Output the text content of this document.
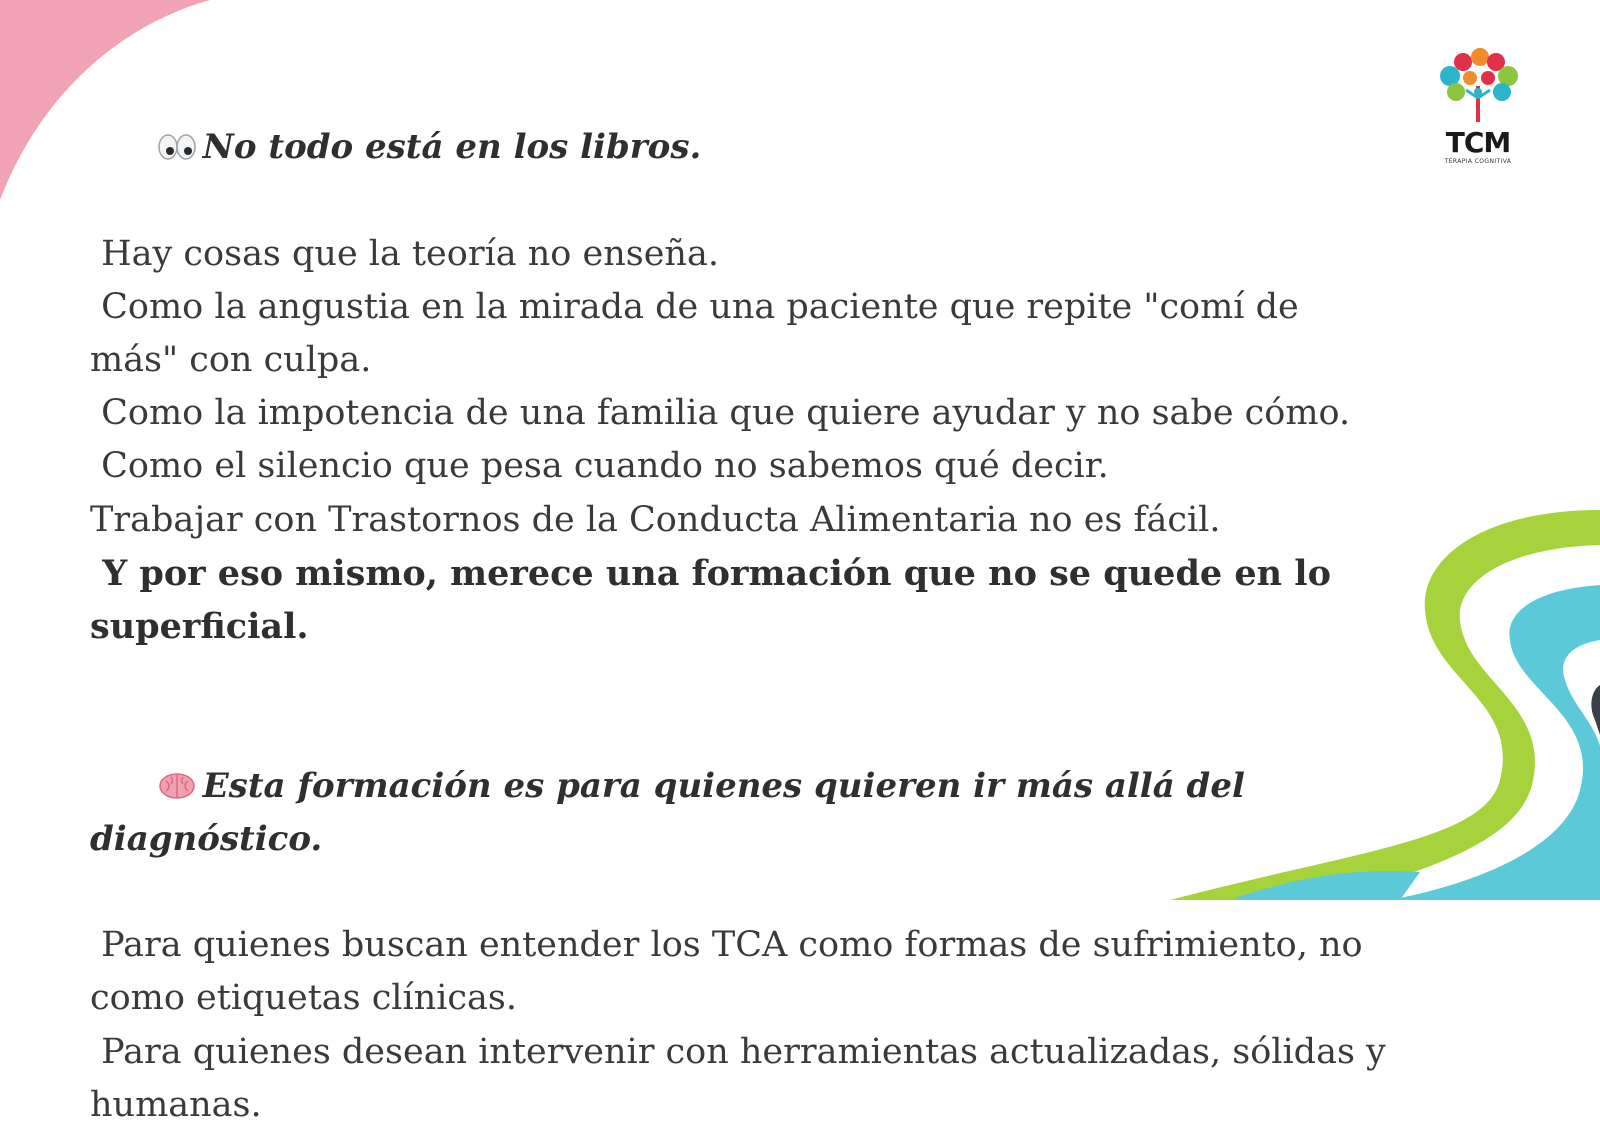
TCM
TERAPIA COGNITIVA

No todo está en los libros.

Hay cosas que la teoría no enseña.

Como la angustia en la mirada de una paciente que repite "comí de más" con culpa.

Como la impotencia de una familia que quiere ayudar y no sabe cómo.

Como el silencio que pesa cuando no sabemos qué decir.

Trabajar con Trastornos de la Conducta Alimentaria no es fácil.

Y por eso mismo, merece una formación que no se quede en lo superficial.

Esta formación es para quienes quieren ir más allá del diagnóstico.

Para quienes buscan entender los TCA como formas de sufrimiento, no como etiquetas clínicas.

Para quienes desean intervenir con herramientas actualizadas, sólidas y humanas.
